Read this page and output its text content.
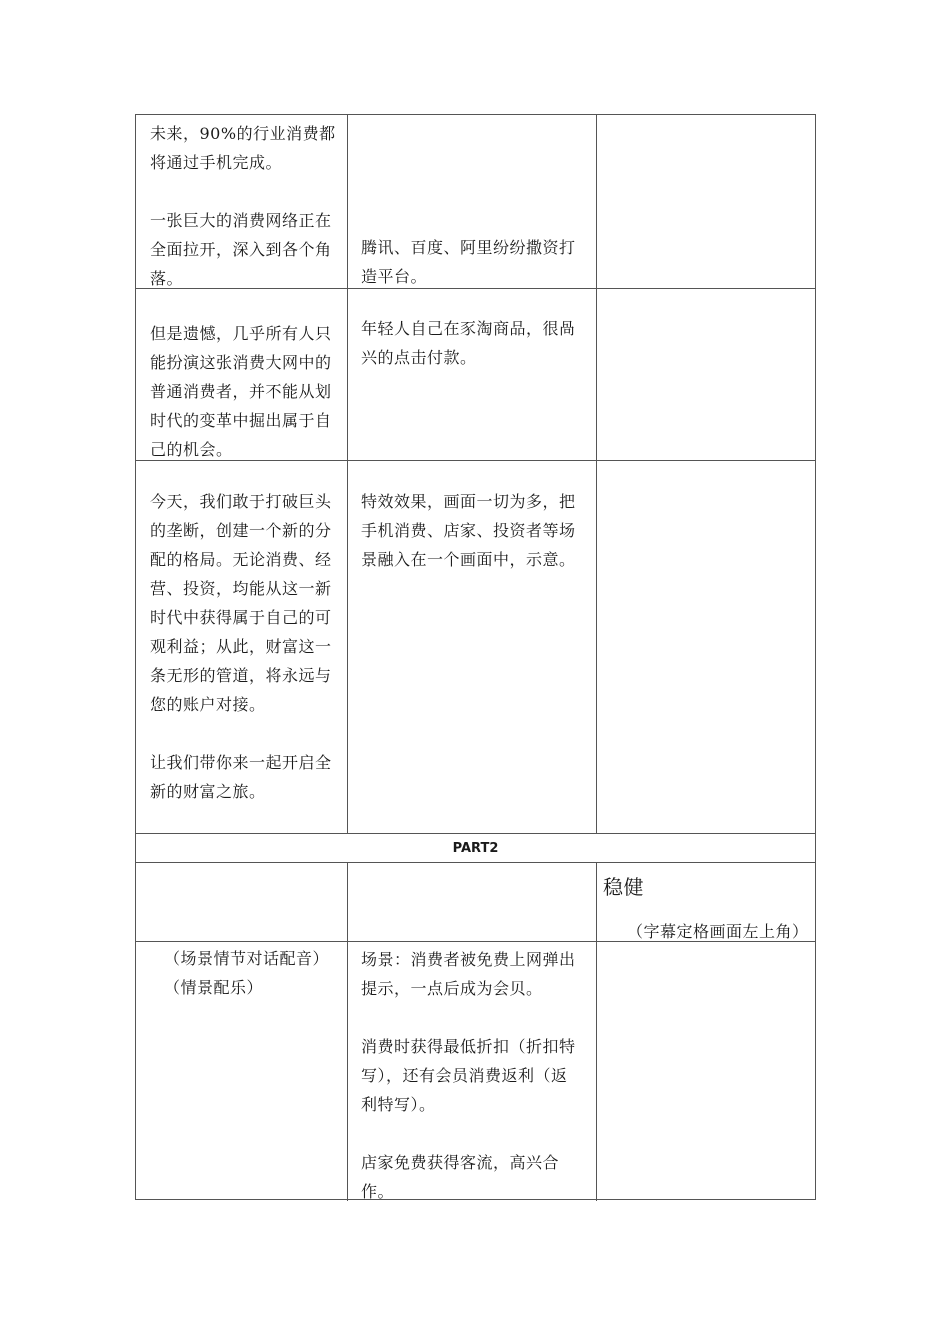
未来，90%的行业消费都
将通过手机完成。

一张巨大的消费网络正在
全面拉开，深入到各个角
落。
腾讯、百度、阿里纷纷撒资打
造平台。
但是遗憾，几乎所有人只
能扮演这张消费大网中的
普通消费者，并不能从划
时代的变革中掘出属于自
己的机会。
年轻人自己在豕淘商品，很咼
兴的点击付款。
今天，我们敢于打破巨头
的垄断，创建一个新的分
配的格局。无论消费、经
营、投资，均能从这一新
时代中获得属于自己的可
观利益；从此，财富这一
条无形的管道，将永远与
您的账户对接。

让我们带你来一起开启全
新的财富之旅。
特效效果，画面一切为多，把
手机消费、店家、投资者等场
景融入在一个画面中，示意。
PART2
稳健
（字幕定格画面左上角）
（场景情节对话配音）
（情景配乐）
场景：消费者被免费上网弹出
提示，一点后成为会贝。

消费时获得最低折扣（折扣特
写），还有会员消费返利（返
利特写）。

店家免费获得客流，高兴合
作。
